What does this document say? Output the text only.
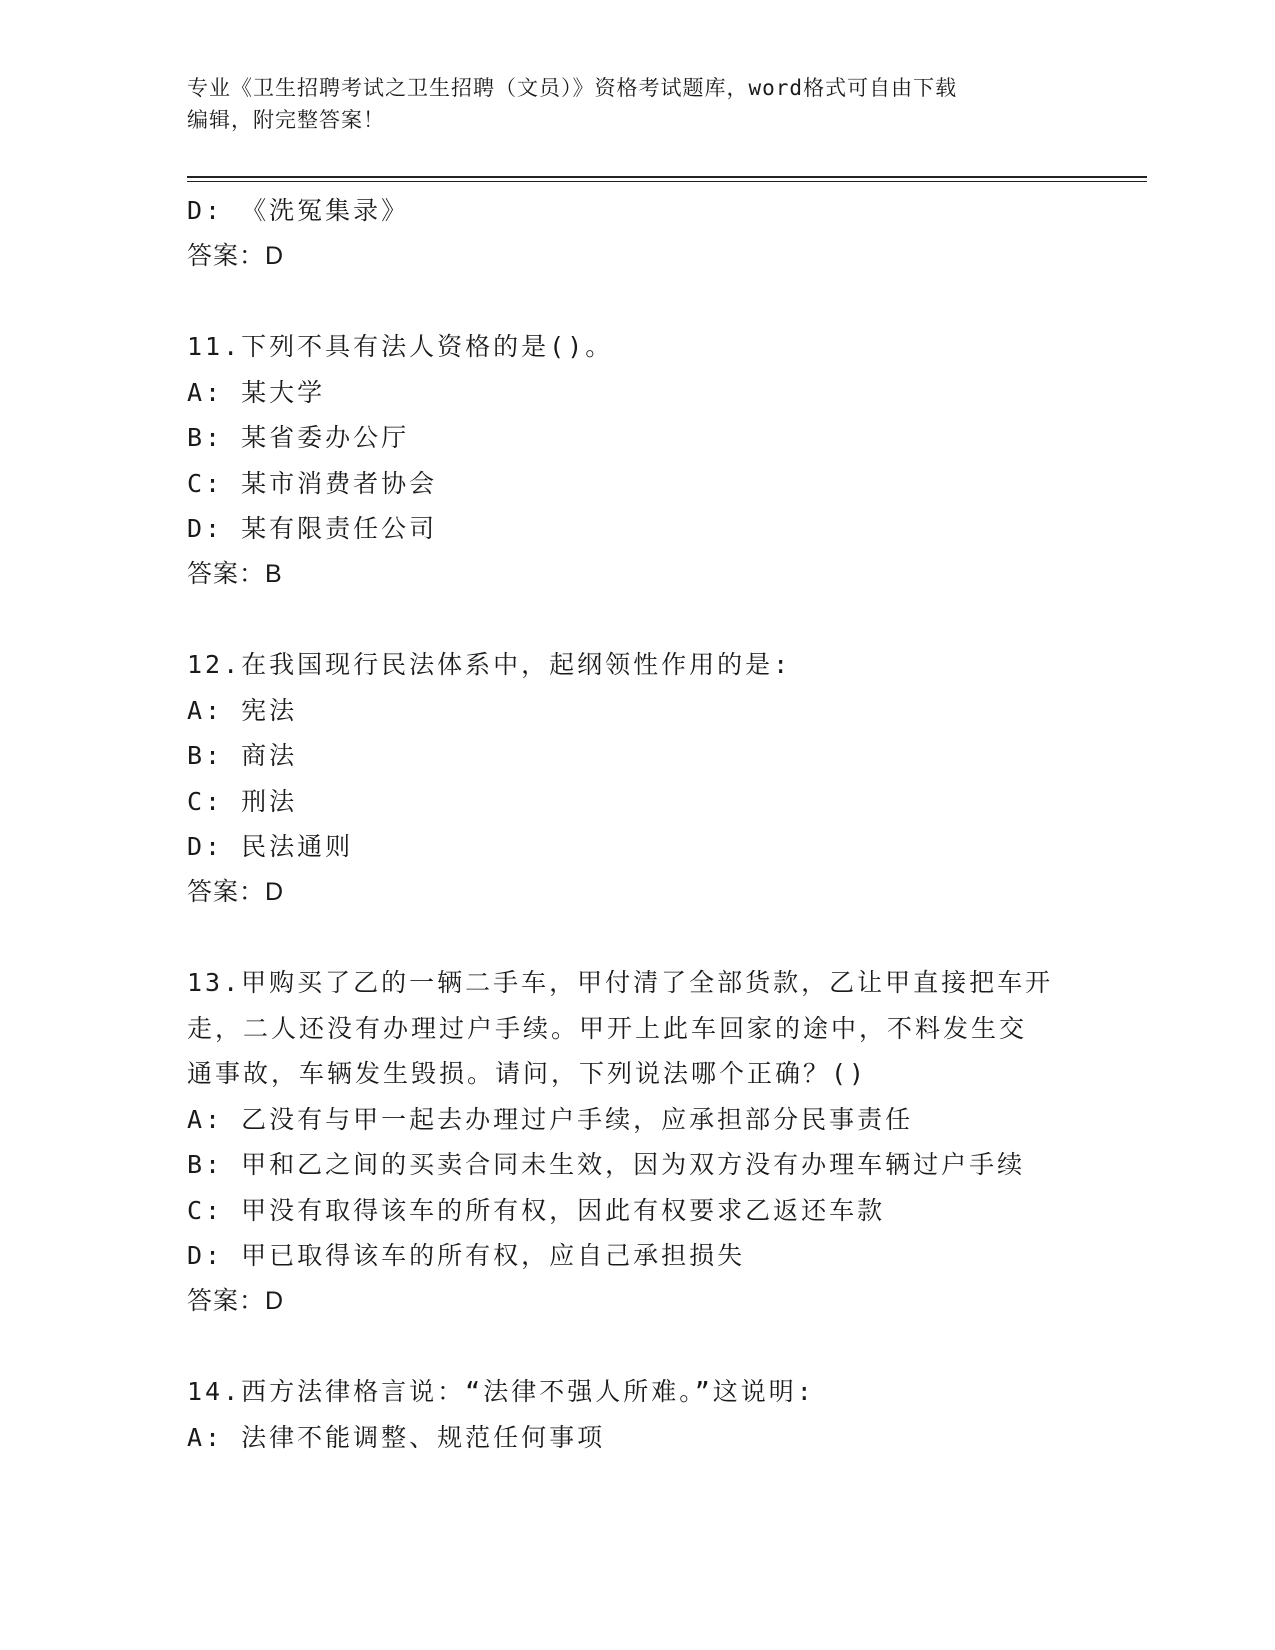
专业《卫生招聘考试之卫生招聘（文员）》资格考试题库，word格式可自由下载
编辑，附完整答案！
D: 《洗冤集录》
答案：D
11.下列不具有法人资格的是()。
A: 某大学
B: 某省委办公厅
C: 某市消费者协会
D: 某有限责任公司
答案：B
12.在我国现行民法体系中，起纲领性作用的是:
A: 宪法
B: 商法
C: 刑法
D: 民法通则
答案：D
13.甲购买了乙的一辆二手车，甲付清了全部货款，乙让甲直接把车开
走，二人还没有办理过户手续。甲开上此车回家的途中，不料发生交
通事故，车辆发生毁损。请问，下列说法哪个正确？()
A: 乙没有与甲一起去办理过户手续，应承担部分民事责任
B: 甲和乙之间的买卖合同未生效，因为双方没有办理车辆过户手续
C: 甲没有取得该车的所有权，因此有权要求乙返还车款
D: 甲已取得该车的所有权，应自己承担损失
答案：D
14.西方法律格言说：“法律不强人所难。”这说明:
A: 法律不能调整、规范任何事项
